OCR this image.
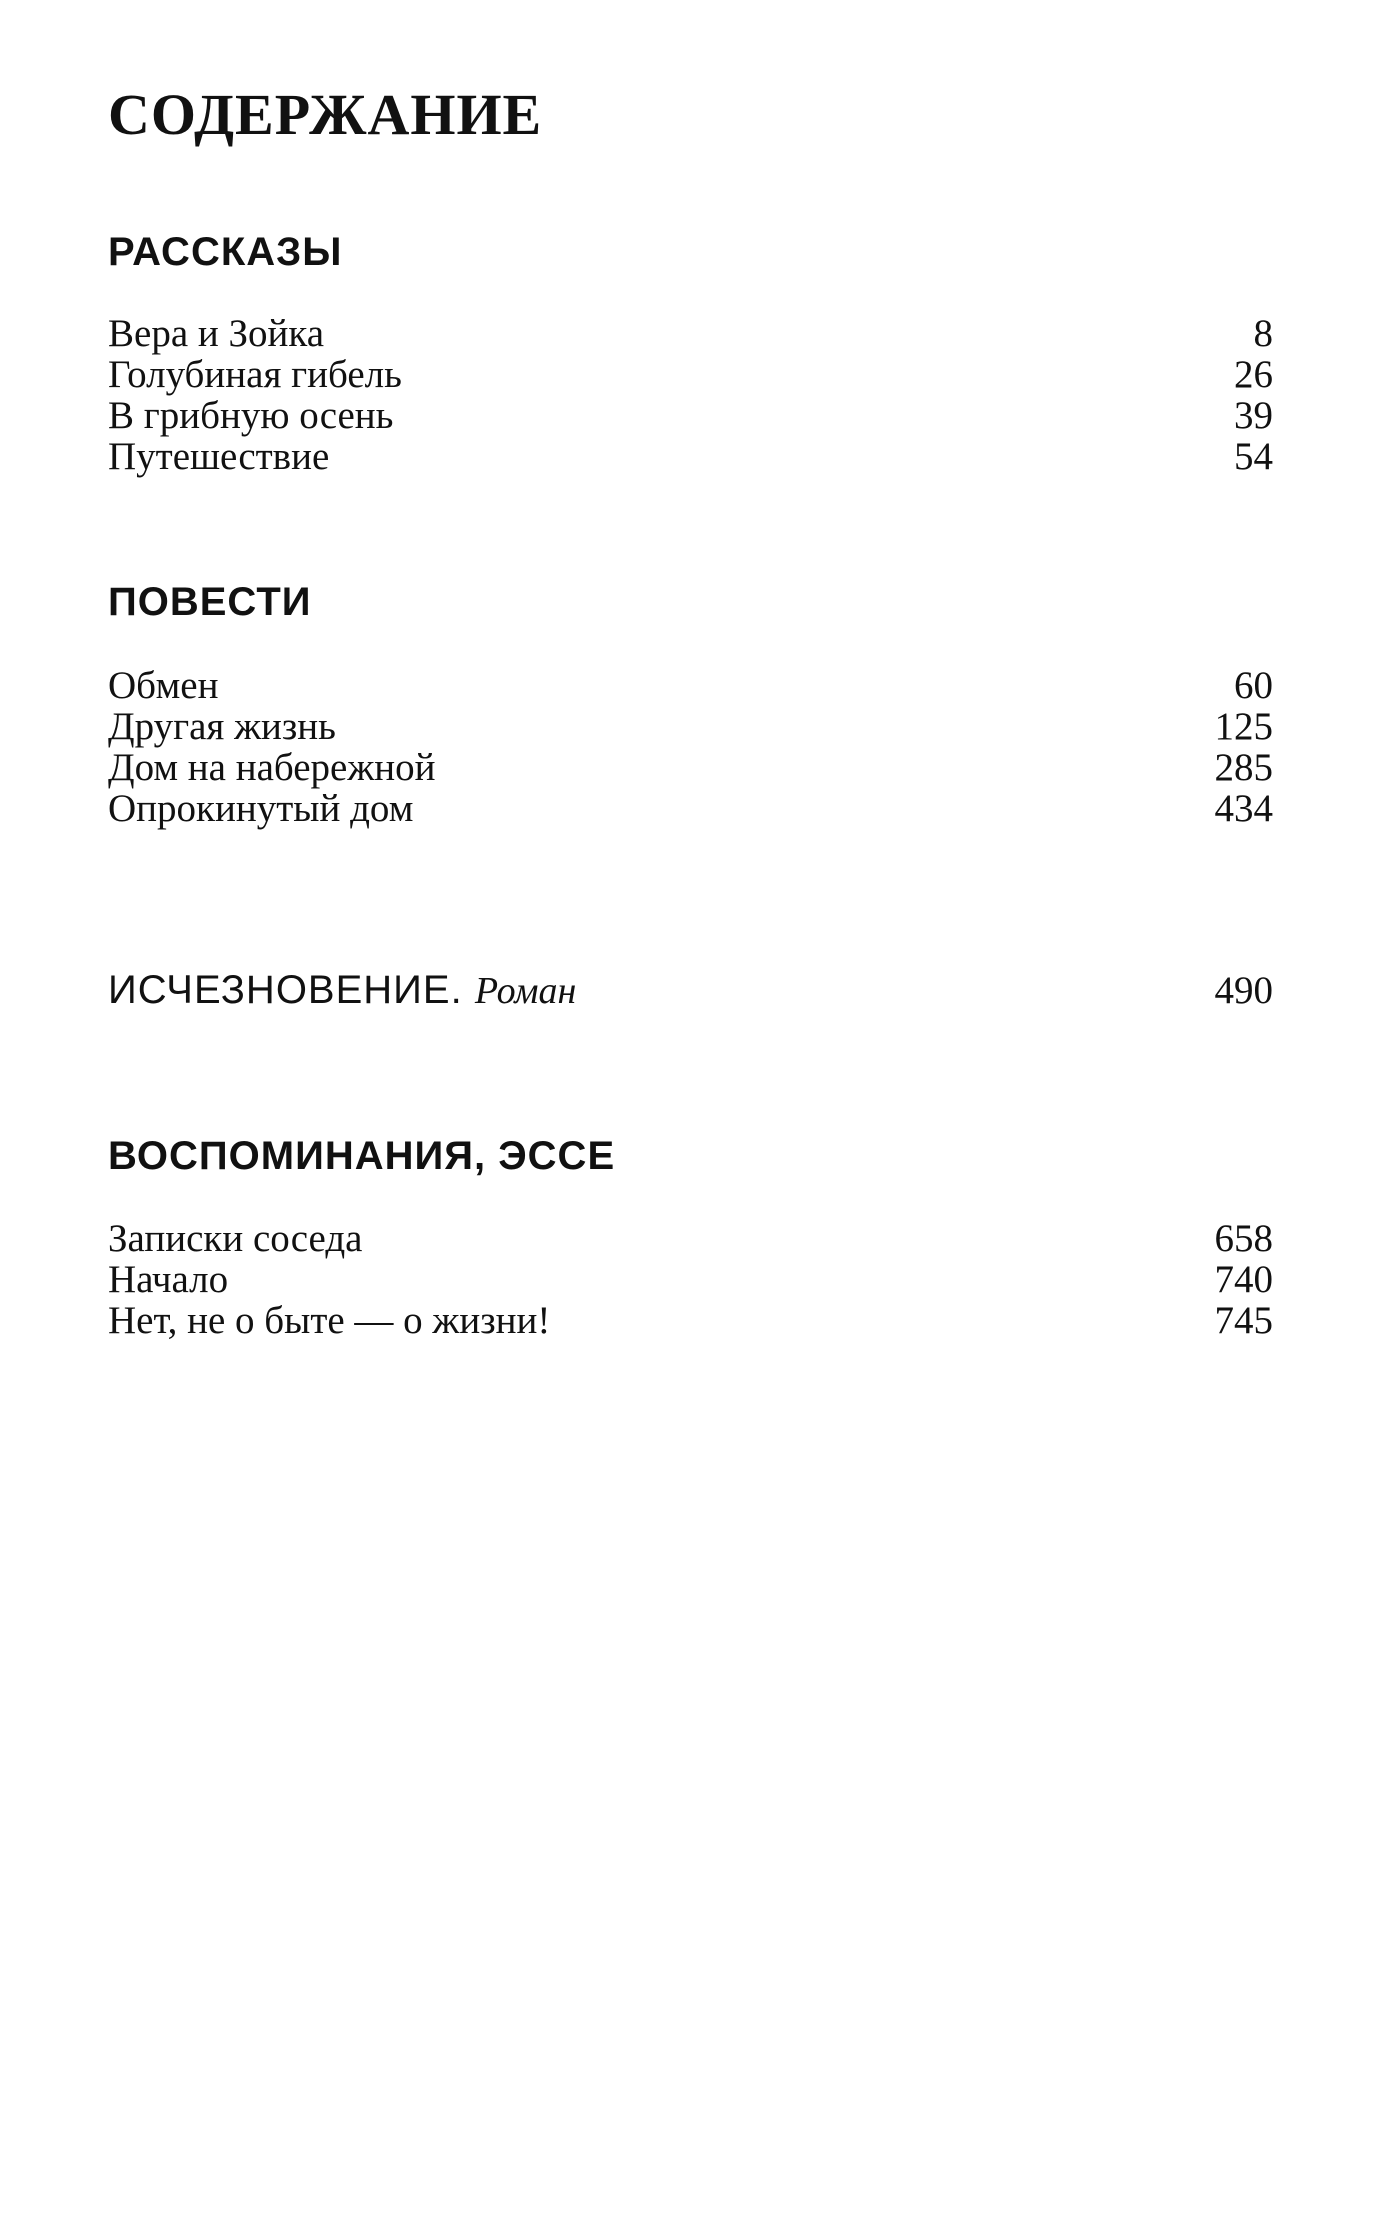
СОДЕРЖАНИЕ
РАССКАЗЫ
Вера и Зойка	8
Голубиная гибель	26
В грибную осень	39
Путешествие	54
ПОВЕСТИ
Обмен	60
Другая жизнь	125
Дом на набережной	285
Опрокинутый дом	434
ИСЧЕЗНОВЕНИЕ. Роман	490
ВОСПОМИНАНИЯ, ЭССЕ
Записки соседа	658
Начало	740
Нет, не о быте — о жизни!	745
